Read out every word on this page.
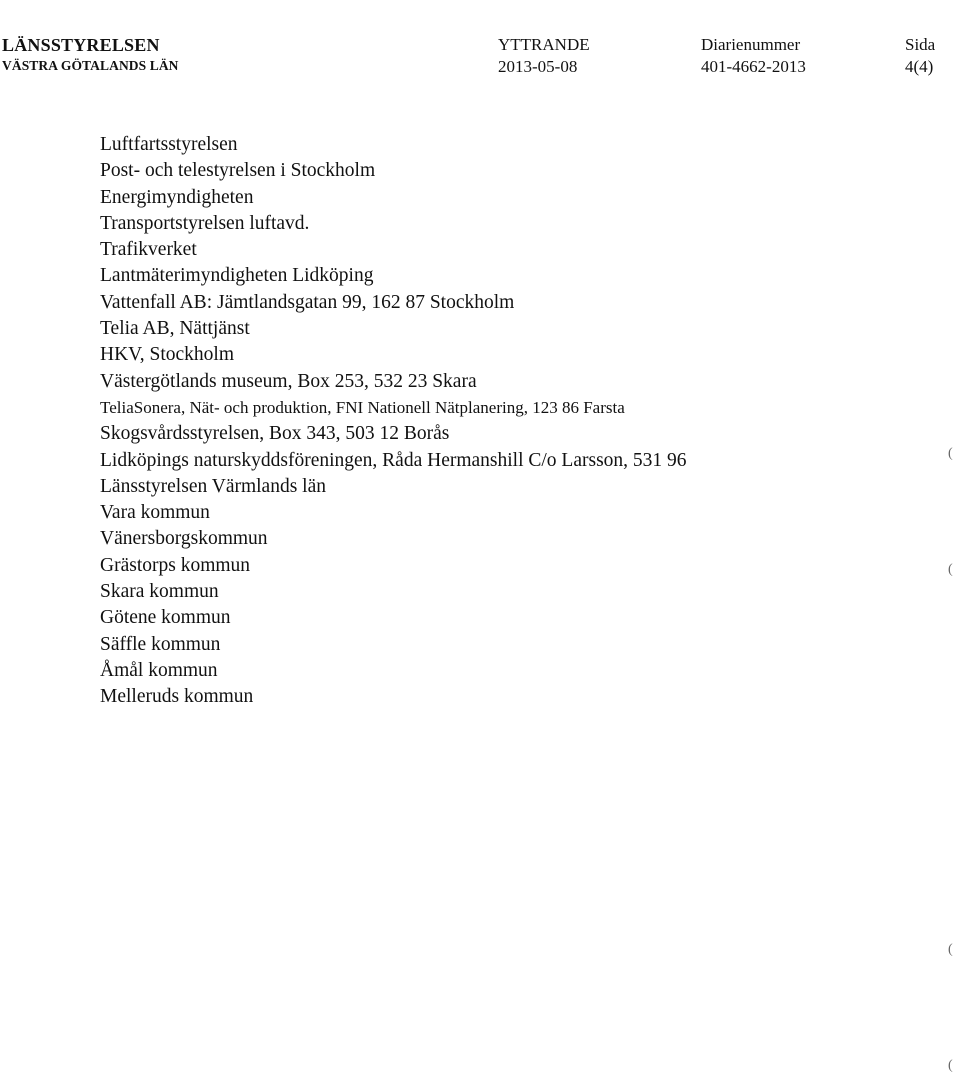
LÄNSSTYRELSEN
VÄSTRA GÖTALANDS LÄN
YTTRANDE
2013-05-08
Diarienummer
401-4662-2013
Sida
4(4)
Luftfartsstyrelsen
Post- och telestyrelsen i Stockholm
Energimyndigheten
Transportstyrelsen luftavd.
Trafikverket
Lantmäterimyndigheten Lidköping
Vattenfall AB: Jämtlandsgatan 99, 162 87 Stockholm
Telia AB, Nättjänst
HKV, Stockholm
Västergötlands museum, Box 253, 532 23 Skara
TeliaSonera, Nät- och produktion, FNI Nationell Nätplanering, 123 86 Farsta
Skogsvårdsstyrelsen, Box 343, 503 12 Borås
Lidköpings naturskyddsföreningen, Råda Hermanshill C/o Larsson, 531 96
Länsstyrelsen Värmlands län
Vara kommun
Vänersborgskommun
Grästorps kommun
Skara kommun
Götene kommun
Säffle kommun
Åmål kommun
Melleruds kommun
(
(
(
(
